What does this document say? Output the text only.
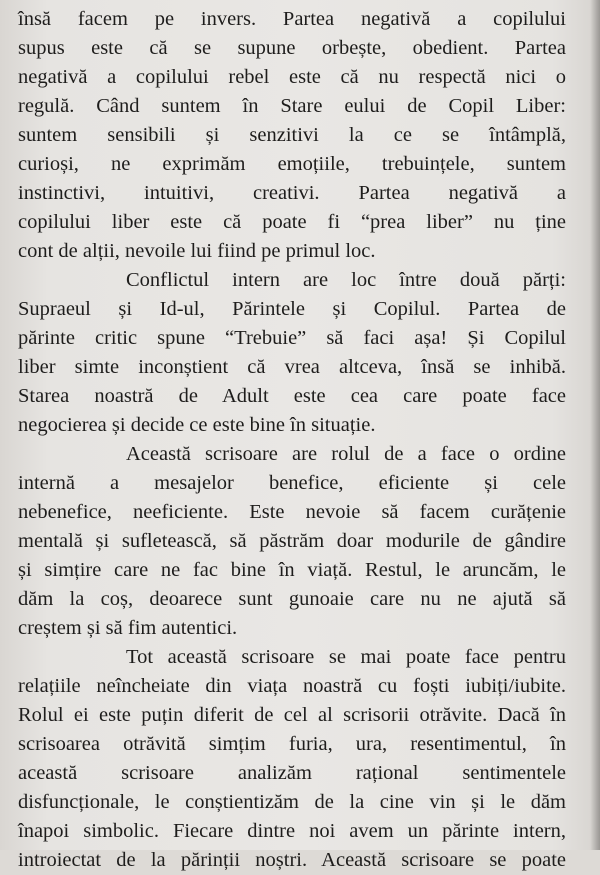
însă facem pe invers. Partea negativă a copilului
supus este că se supune orbește, obedient. Partea
negativă a copilului rebel este că nu respectă nici o
regulă. Când suntem în Stare eului de Copil Liber:
suntem sensibili și senzitivi la ce se întâmplă,
curioși, ne exprimăm emoțiile, trebuințele, suntem
instinctivi, intuitivi, creativi. Partea negativă a
copilului liber este că poate fi “prea liber” nu ține
cont de alții, nevoile lui fiind pe primul loc.
Conflictul intern are loc între două părți:
Supraeul și Id-ul, Părintele și Copilul. Partea de
părinte critic spune “Trebuie” să faci așa! Și Copilul
liber simte inconștient că vrea altceva, însă se inhibă.
Starea noastră de Adult este cea care poate face
negocierea și decide ce este bine în situație.
Această scrisoare are rolul de a face o ordine
internă a mesajelor benefice, eficiente și cele
nebenefice, neeficiente. Este nevoie să facem curățenie
mentală și sufletească, să păstrăm doar modurile de gândire
și simțire care ne fac bine în viață. Restul, le aruncăm, le
dăm la coș, deoarece sunt gunoaie care nu ne ajută să
creștem și să fim autentici.
Tot această scrisoare se mai poate face pentru
relațiile neîncheiate din viața noastră cu foști iubiți/iubite.
Rolul ei este puțin diferit de cel al scrisorii otrăvite. Dacă în
scrisoarea otrăvită simțim furia, ura, resentimentul, în
această scrisoare analizăm rațional sentimentele
disfuncționale, le conștientizăm de la cine vin și le dăm
înapoi simbolic. Fiecare dintre noi avem un părinte intern,
introiectat de la părinții noștri. Această scrisoare se poate
